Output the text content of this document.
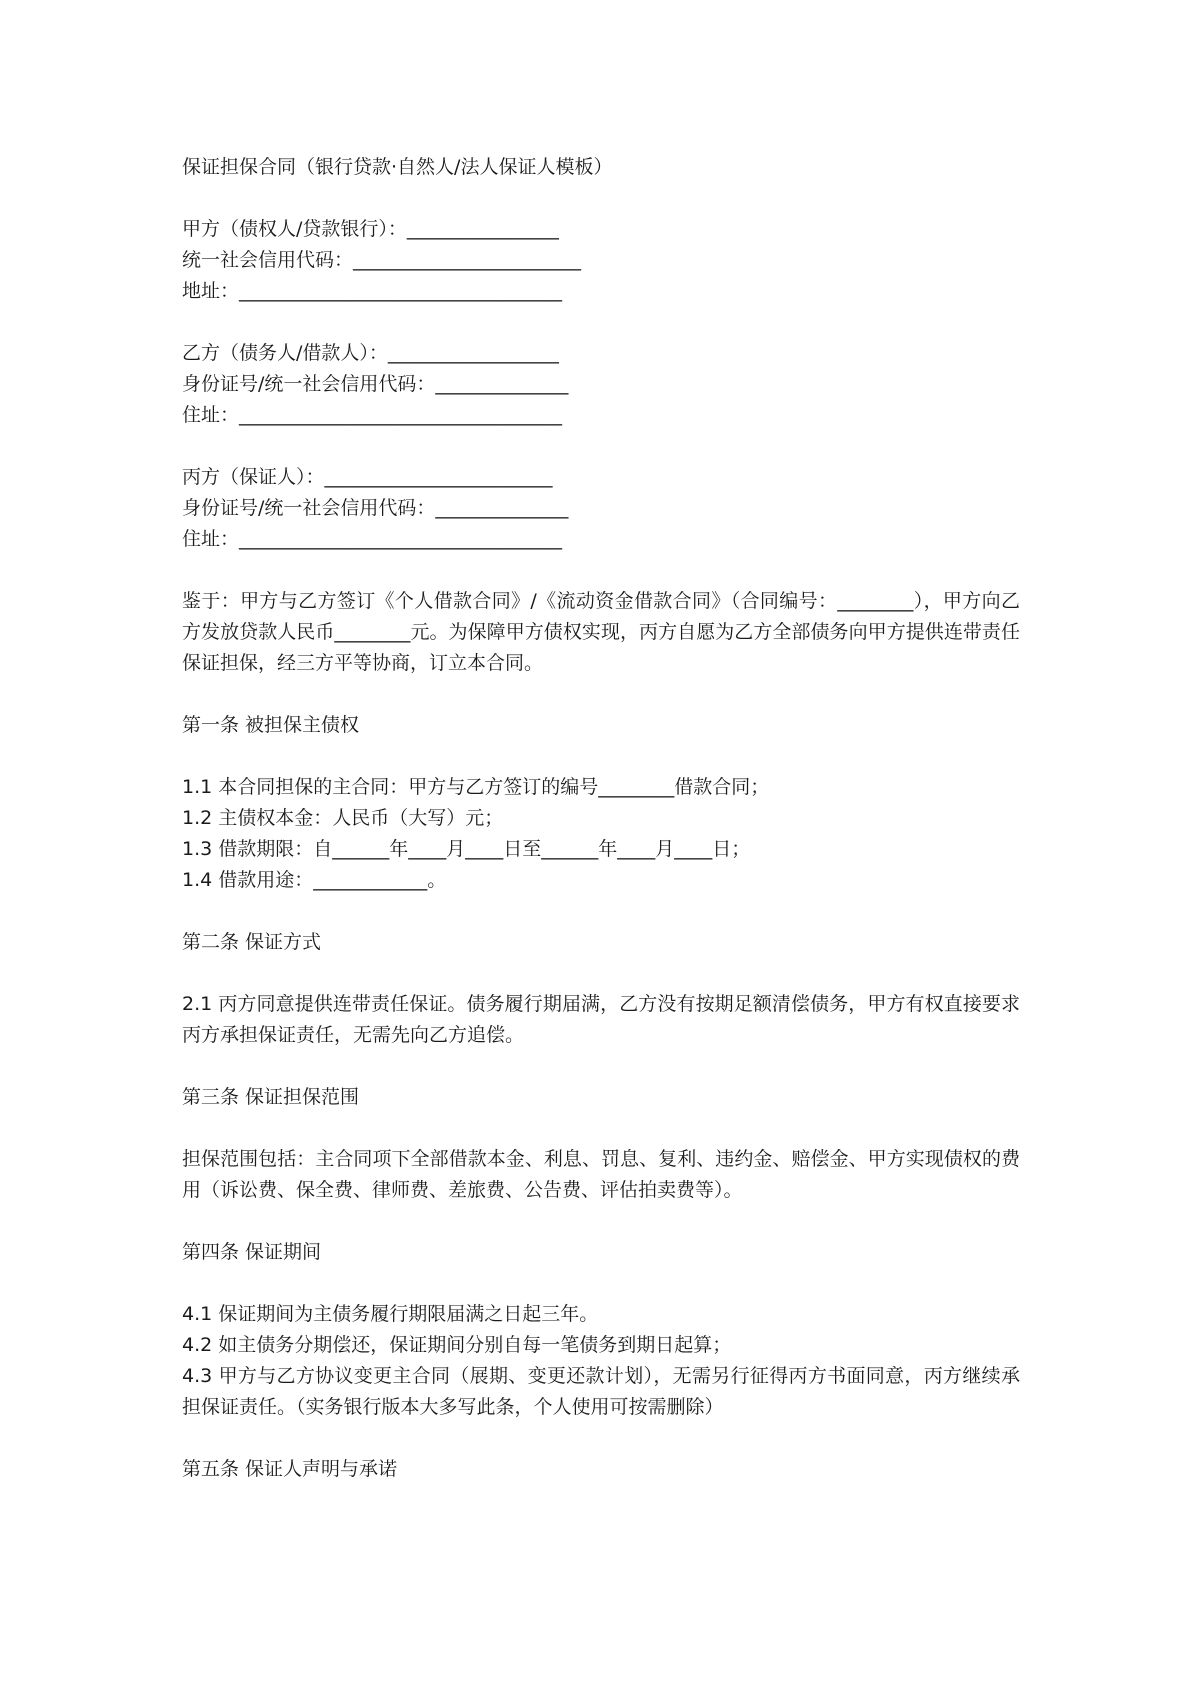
保证担保合同（银行贷款·自然人/法人保证人模板）
甲方（债权人/贷款银行）：________________
统一社会信用代码：________________________
地址：__________________________________
乙方（债务人/借款人）：__________________
身份证号/统一社会信用代码：______________
住址：__________________________________
丙方（保证人）：________________________
身份证号/统一社会信用代码：______________
住址：__________________________________
鉴于：甲方与乙方签订《个人借款合同》/《流动资金借款合同》（合同编号：________），甲方向乙方发放贷款人民币________元。为保障甲方债权实现，丙方自愿为乙方全部债务向甲方提供连带责任保证担保，经三方平等协商，订立本合同。
第一条 被担保主债权
1.1 本合同担保的主合同：甲方与乙方签订的编号________借款合同；
1.2 主债权本金：人民币（大写）元；
1.3 借款期限：自______年____月____日至______年____月____日；
1.4 借款用途：____________。
第二条 保证方式
2.1 丙方同意提供连带责任保证。债务履行期届满，乙方没有按期足额清偿债务，甲方有权直接要求丙方承担保证责任，无需先向乙方追偿。
第三条 保证担保范围
担保范围包括：主合同项下全部借款本金、利息、罚息、复利、违约金、赔偿金、甲方实现债权的费用（诉讼费、保全费、律师费、差旅费、公告费、评估拍卖费等）。
第四条 保证期间
4.1 保证期间为主债务履行期限届满之日起三年。
4.2 如主债务分期偿还，保证期间分别自每一笔债务到期日起算；
4.3 甲方与乙方协议变更主合同（展期、变更还款计划），无需另行征得丙方书面同意，丙方继续承担保证责任。（实务银行版本大多写此条，个人使用可按需删除）
第五条 保证人声明与承诺
